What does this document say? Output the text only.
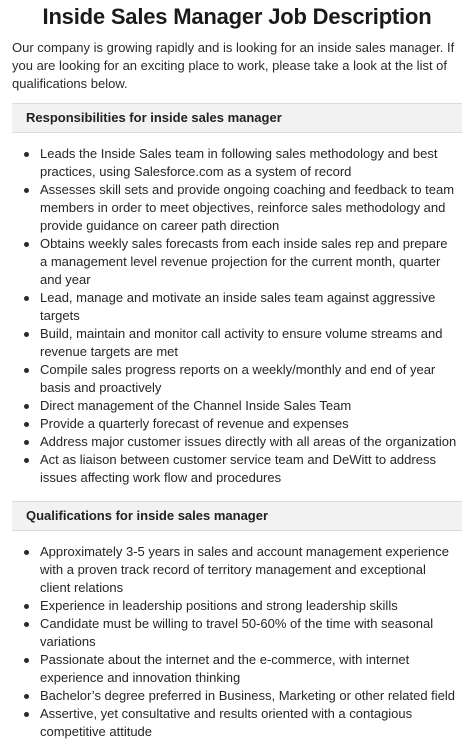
Inside Sales Manager Job Description

Our company is growing rapidly and is looking for an inside sales manager. If you are looking for an exciting place to work, please take a look at the list of qualifications below.

Responsibilities for inside sales manager
Leads the Inside Sales team in following sales methodology and best practices, using Salesforce.com as a system of record
Assesses skill sets and provide ongoing coaching and feedback to team members in order to meet objectives, reinforce sales methodology and provide guidance on career path direction
Obtains weekly sales forecasts from each inside sales rep and prepare a management level revenue projection for the current month, quarter and year
Lead, manage and motivate an inside sales team against aggressive targets
Build, maintain and monitor call activity to ensure volume streams and revenue targets are met
Compile sales progress reports on a weekly/monthly and end of year basis and proactively
Direct management of the Channel Inside Sales Team
Provide a quarterly forecast of revenue and expenses
Address major customer issues directly with all areas of the organization
Act as liaison between customer service team and DeWitt to address issues affecting work flow and procedures
Qualifications for inside sales manager
Approximately 3-5 years in sales and account management experience with a proven track record of territory management and exceptional client relations
Experience in leadership positions and strong leadership skills
Candidate must be willing to travel 50-60% of the time with seasonal variations
Passionate about the internet and the e-commerce, with internet experience and innovation thinking
Bachelor’s degree preferred in Business, Marketing or other related field
Assertive, yet consultative and results oriented with a contagious competitive attitude
